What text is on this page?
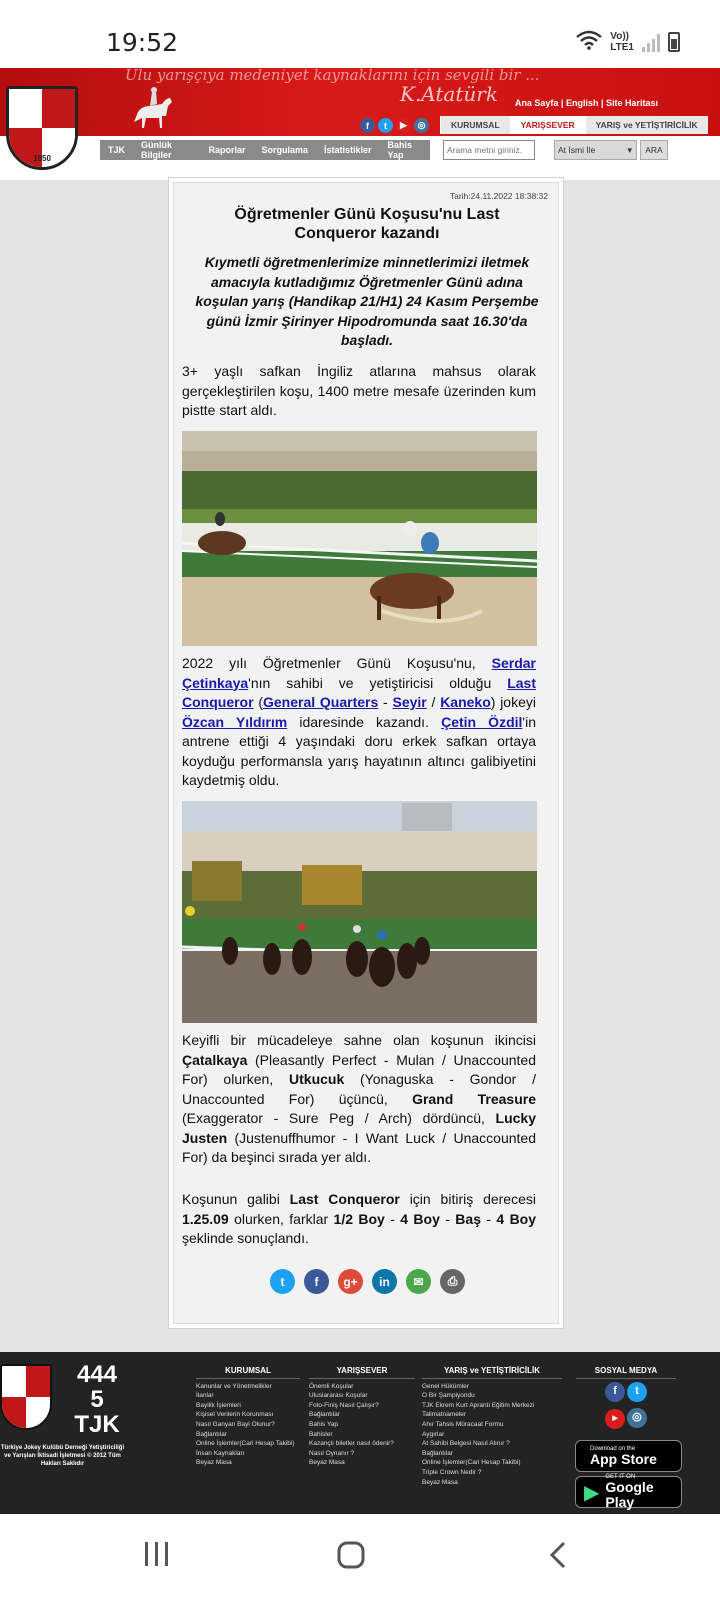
19:52	Vo))
LTE1
Ulu yarışçıya medeniyet kaynaklarını için sevgili bir ...
K.Atatürk Ana Sayfa | English | Site Haritası
f	t	▶	◎	KURUMSAL	YARIŞSEVER	YARIŞ ve YETİŞTİRİCİLİK
1950
TJK	Günlük Bilgiler	Raporlar	Sorgulama	İstatistikler	Bahis Yap
Arama metni giriniz.	At İsmi İle	▾	ARA
Tarih:24.11.2022 18:38:32
Öğretmenler Günü Koşusu'nu Last Conqueror kazandı
Kıymetli öğretmenlerimize minnetlerimizi iletmek amacıyla kutladığımız Öğretmenler Günü adına koşulan yarış (Handikap 21/H1) 24 Kasım Perşembe günü İzmir Şirinyer Hipodromunda saat 16.30'da başladı.
3+ yaşlı safkan İngiliz atlarına mahsus olarak gerçekleştirilen koşu, 1400 metre mesafe üzerinden kum pistte start aldı.
2022 yılı Öğretmenler Günü Koşusu'nu, Serdar Çetinkaya'nın sahibi ve yetiştiricisi olduğu Last Conqueror (General Quarters - Seyir / Kaneko) jokeyi Özcan Yıldırım idaresinde kazandı. Çetin Özdil'in antrene ettiği 4 yaşındaki doru erkek safkan ortaya koyduğu performansla yarış hayatının altıncı galibiyetini kaydetmiş oldu.
Keyifli bir mücadeleye sahne olan koşunun ikincisi Çatalkaya (Pleasantly Perfect - Mulan / Unaccounted For) olurken, Utkucuk (Yonaguska - Gondor / Unaccounted For) üçüncü, Grand Treasure (Exaggerator - Sure Peg / Arch) dördüncü, Lucky Justen (Justenuffhumor - I Want Luck / Unaccounted For) da beşinci sırada yer aldı.
Koşunun galibi Last Conqueror için bitiriş derecesi 1.25.09 olurken, farklar 1/2 Boy - 4 Boy - Baş - 4 Boy şeklinde sonuçlandı.
t	f	g+	in	✉	⎙
444
5
TJK
Türkiye Jokey Kulübü Derneği Yetiştiriciliği ve Yarışları İktisadi İşletmesi © 2012 Tüm Hakları Saklıdır
KURUMSAL
Kanunlar ve Yönetmelikler
İlanlar
Bayilik İşlemleri
Kişisel Verilerin Korunması
Nasıl Ganyan Bayi Olunur?
Bağlantılar
Online İşlemler(Cari Hesap Takibi)
İnsan Kaynakları
Beyaz Masa
YARIŞSEVER
Önemli Koşular
Uluslararası Koşular
Foto-Finiş Nasıl Çalışır?
Bağlantılar
Bahis Yap
Bahisler
Kazançlı biletler nasıl ödenir?
Nasıl Oynanır ?
Beyaz Masa
YARIŞ ve YETİŞTİRİCİLİK
Genel Hükümler
O Bir Şampiyondu
TJK Ekrem Kurt Apranti Eğitim Merkezi
Talimatnameler
Ahır Tahsis Müracaat Formu
Aygırlar
At Sahibi Belgesi Nasıl Alınır ?
Bağlantılar
Online İşlemler(Cari Hesap Takibi)
Triple Crown Nedir ?
Beyaz Masa
SOSYAL MEDYA
f t
▶ ◎
Download on the
App Store
▶
GET IT ON
Google Play
